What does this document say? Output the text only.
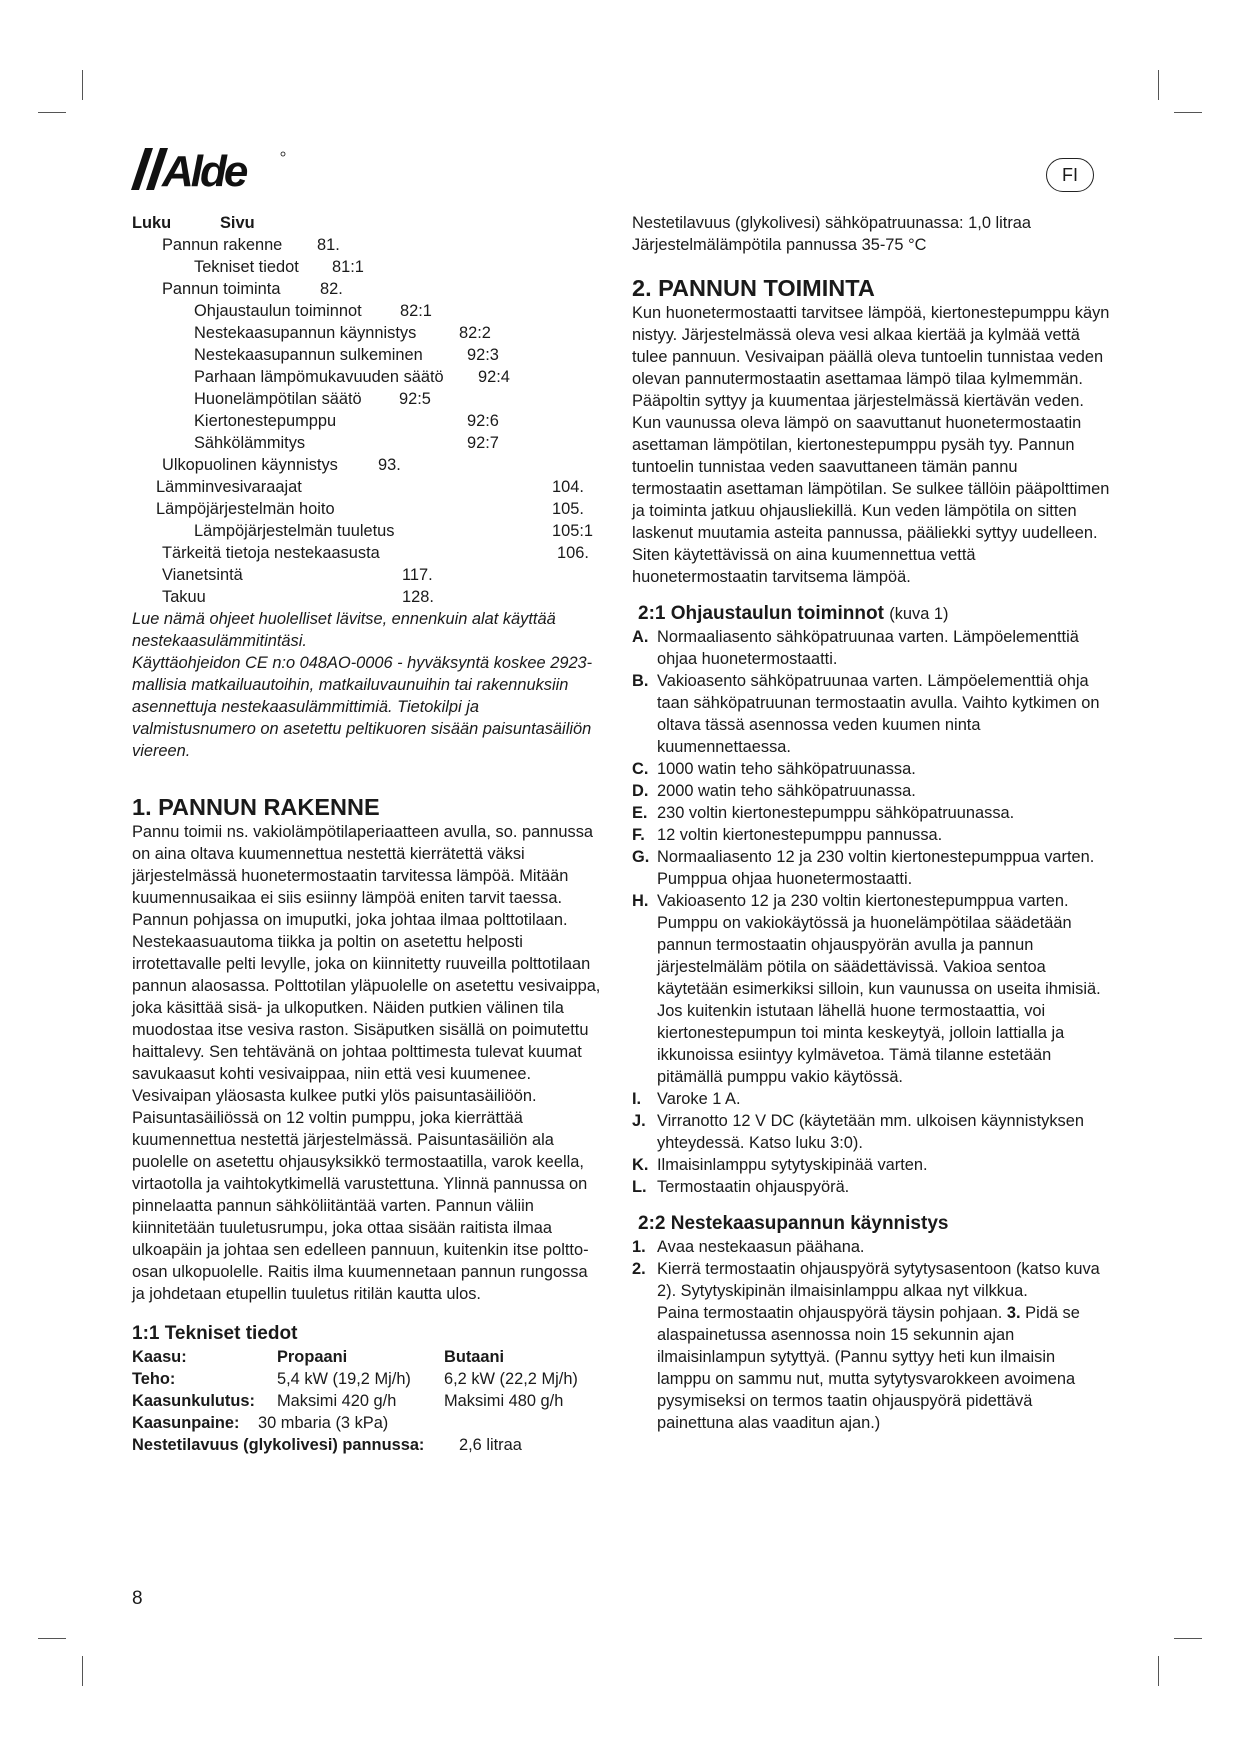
Alde	FI
Luku	Sivu
Pannun rakenne 81.
Tekniset tiedot 81:1
Pannun toiminta 82.
Ohjaustaulun toiminnot 82:1
Nestekaasupannun käynnistys	82:2
Nestekaasupannun sulkeminen	92:3
Parhaan lämpömukavuuden säätö 92:4
Huonelämpötilan säätö 92:5
Kiertonestepumppu	92:6
Sähkölämmitys	92:7
Ulkopuolinen käynnistys 93.
Lämminvesivaraajat	104.
Lämpöjärjestelmän hoito	105.
Lämpöjärjestelmän tuuletus	105:1
Tärkeitä tietoja nestekaasusta	106.
Vianetsintä	117.
Takuu	128.

Lue nämä ohjeet huolelliset lävitse, ennenkuin alat käyttää nestekaasulämmitintäsi.

Käyttäohjeidon CE n:o 048AO-0006 - hyväksyntä koskee 2923-mallisia matkailuautoihin, matkailuvaunuihin tai rakennuksiin asennettuja nestekaasulämmittimiä. Tietokilpi ja valmistusnumero on asetettu peltikuoren sisään paisuntasäiliön viereen.

1. PANNUN RAKENNE

Pannu toimii ns. vakiolämpötilaperiaatteen avulla, so. pannussa on aina oltava kuumennettua nestettä kierrätettä väksi järjestelmässä huonetermostaatin tarvitessa lämpöä. Mitään kuumennusaikaa ei siis esiinny lämpöä eniten tarvit taessa.

Pannun pohjassa on imuputki, joka johtaa ilmaa polttotilaan. Nestekaasuautoma tiikka ja poltin on asetettu helposti irrotettavalle pelti levylle, joka on kiinnitetty ruuveilla polttotilaan pannun alaosassa. Polttotilan yläpuolelle on asetettu vesivaippa, joka käsittää sisä- ja ulkoputken. Näiden putkien välinen tila muodostaa itse vesiva raston. Sisäputken sisällä on poimutettu haittalevy. Sen tehtävänä on johtaa polttimesta tulevat kuumat savukaasut kohti vesivaippaa, niin että vesi kuumenee. Vesivaipan yläosasta kulkee putki ylös paisuntasäiliöön. Paisuntasäiliössä on 12 voltin pumppu, joka kierrättää kuumennettua nestettä järjestelmässä. Paisuntasäiliön ala puolelle on asetettu ohjausyksikkö termostaatilla, varok keella, virtaotolla ja vaihtokytkimellä varustettuna. Ylinnä pannussa on pinnelaatta pannun sähköliitäntää varten. Pannun väliin kiinnitetään tuuletusrumpu, joka ottaa sisään raitista ilmaa ulkoapäin ja johtaa sen edelleen pannuun, kuitenkin itse poltto-osan ulkopuolelle. Raitis ilma kuumennetaan pannun rungossa ja johdetaan etupellin tuuletus ritilän kautta ulos.

1:1 Tekniset tiedot
Kaasu:	Propaani	Butaani
Teho:	5,4 kW (19,2 Mj/h) 6,2 kW (22,2 Mj/h)
Kaasunkulutus: Maksimi 420 g/h	Maksimi 480 g/h
Kaasunpaine: 30 mbaria (3 kPa)
Nestetilavuus (glykolivesi) pannussa: 2,6 litraa

Nestetilavuus (glykolivesi) sähköpatruunassa: 1,0 litraa

Järjestelmälämpötila pannussa 35-75 °C

2. PANNUN TOIMINTA

Kun huonetermostaatti tarvitsee lämpöä, kiertonestepumppu käyn nistyy. Järjestelmässä oleva vesi alkaa kiertää ja kylmää vettä tulee pannuun. Vesivaipan päällä oleva tuntoelin tunnistaa veden olevan pannutermostaatin asettamaa lämpö tilaa kylmemmän. Pääpoltin syttyy ja kuumentaa järjestelmässä kiertävän veden. Kun vaunussa oleva lämpö on saavuttanut huonetermostaatin asettaman lämpötilan, kiertonestepumppu pysäh tyy. Pannun tuntoelin tunnistaa veden saavuttaneen tämän pannu termostaatin asettaman lämpötilan. Se sulkee tällöin pääpolttimen ja toiminta jatkuu ohjausliekillä. Kun veden lämpötila on sitten laskenut muutamia asteita pannussa, pääliekki syttyy uudelleen. Siten käytettävissä on aina kuumennettua vettä huonetermostaatin tarvitsema lämpöä.

2:1 Ohjaustaulun toiminnot (kuva 1)
A. Normaaliasento sähköpatruunaa varten. Lämpöelementtiä ohjaa huonetermostaatti.
B. Vakioasento sähköpatruunaa varten. Lämpöelementtiä ohja taan sähköpatruunan termostaatin avulla. Vaihto kytkimen on oltava tässä asennossa veden kuumen ninta kuumennettaessa.
C. 1000 watin teho sähköpatruunassa.
D. 2000 watin teho sähköpatruunassa.
E. 230 voltin kiertonestepumppu sähköpatruunassa.
F. 12 voltin kiertonestepumppu pannussa.
G. Normaaliasento 12 ja 230 voltin kiertonestepumppua varten. Pumppua ohjaa huonetermostaatti.
H. Vakioasento 12 ja 230 voltin kiertonestepumppua varten. Pumppu on vakiokäytössä ja huonelämpötilaa säädetään pannun termostaatin ohjauspyörän avulla ja pannun järjestelmäläm pötila on säädettävissä. Vakioa sentoa käytetään esimerkiksi silloin, kun vaunussa on useita ihmisiä. Jos kuitenkin istutaan lähellä huone termostaattia, voi kiertonestepumpun toi minta keskeytyä, jolloin lattialla ja ikkunoissa esiintyy kylmävetoa. Tämä tilanne estetään pitämällä pumppu vakio käytössä.
I. Varoke 1 A.
J. Virranotto 12 V DC (käytetään mm. ulkoisen käynnistyksen yhteydessä. Katso luku 3:0).
K. Ilmaisinlamppu sytytyskipinää varten.
L. Termostaatin ohjauspyörä.
2:2 Nestekaasupannun käynnistys
1. Avaa nestekaasun päähana.
2. Kierrä termostaatin ohjauspyörä sytytysasentoon (katso kuva 2). Sytytyskipinän ilmaisinlamppu alkaa nyt vilkkua.
Paina termostaatin ohjauspyörä täysin pohjaan. 3. Pidä se alaspainetussa asennossa noin 15 sekunnin ajan ilmaisinlampun sytyttyä. (Pannu syttyy heti kun ilmaisin lamppu on sammu nut, mutta sytytysvarokkeen avoimena pysymiseksi on termos taatin ohjauspyörä pidettävä painettuna alas vaaditun ajan.)
8
